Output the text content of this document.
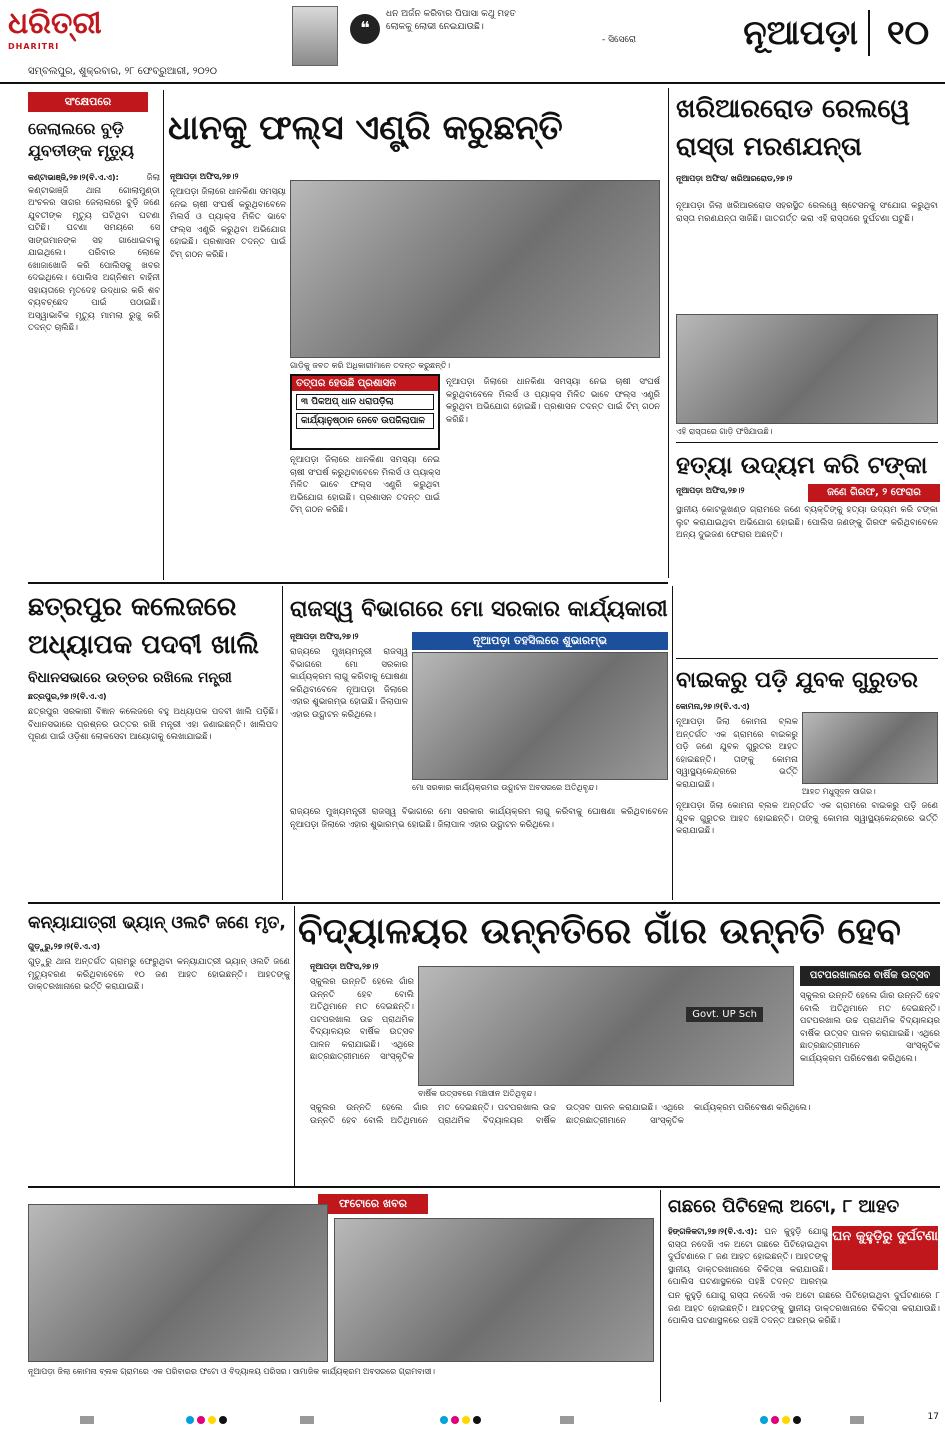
ଧରିତ୍ରୀ
DHARITRI
❝
ଧନ ଅର୍ଜନ କରିବାର ପିପାସା କଥୁ ମହତ
ଲୋକକୁ ଲୋଭୀ ନେଇଯାଉଛି।
- ସିସେରୋ	ନୂଆପଡ଼ା ୧୦
ସମ୍ବଲପୁର, ଶୁକ୍ରବାର, ୨୮ ଫେବ୍ରୁଆରୀ, ୨୦୨୦
ସଂକ୍ଷେପରେ
ଜେଲାଲରେ ବୁଡ଼ି ଯୁବତୀଙ୍କ ମୃତ୍ୟୁ
କଣ୍ଟାଭାଞ୍ଜି,୨୭।୨(ବି.ଏ.ଏ): ଜିଲା କଣ୍ଟାଭାଞ୍ଜି ଥାନା ଗୋଲାମୁଣ୍ଡା ଅଂଚଳର ସାଗର ଜେଲାଲରେ ବୁଡ଼ି ଜଣେ ଯୁବତୀଙ୍କ ମୃତ୍ୟୁ ଘଟିଥିବା ଘଟଣା ଘଟିଛି। ଘଟଣା ସମୟରେ ସେ ସାଙ୍ଗମାନଙ୍କ ସହ ଗାଧୋଇବାକୁ ଯାଇଥିଲେ। ପରିବାର ଲୋକେ ଖୋଜାଖୋଜି କରି ପୋଲିସକୁ ଖବର ଦେଇଥିଲେ। ପୋଲିସ ଅଗ୍ନିଶମ ବାହିନୀ ସହାୟତାରେ ମୃତଦେହ ଉଦ୍ଧାର କରି ଶବ ବ୍ୟବଚ୍ଛେଦ ପାଇଁ ପଠାଇଛି। ଅସ୍ୱାଭାବିକ ମୃତ୍ୟୁ ମାମଲା ରୁଜୁ କରି ତଦନ୍ତ ଚାଲିଛି।
ଧାନକୁ ଫଲ୍ସ ଏଣ୍ଟ୍ରି କରୁଛନ୍ତି
ନୂଆପଡ଼ା ଅଫିସ,୨୭।୨
ନୂଆପଡ଼ା ଜିଲାରେ ଧାନକିଣା ସମସ୍ୟା ନେଇ ଚାଷୀ ସଂଘର୍ଷ କରୁଥିବାବେଳେ ମିଲର୍ସ ଓ ପ୍ୟାକ୍ସ ମିଳିତ ଭାବେ ଫଲ୍ସ ଏଣ୍ଟ୍ରି କରୁଥିବା ଅଭିଯୋଗ ହୋଇଛି। ପ୍ରଶାସନ ତଦନ୍ତ ପାଇଁ ଟିମ୍ ଗଠନ କରିଛି।
ଗାଡ଼ିକୁ ଜବତ କରି ଅଧିକାରୀମାନେ ତଦନ୍ତ କରୁଛନ୍ତି।
ତତ୍ପର ହେଉଛି ପ୍ରଶାସନ
୩ ପିକଅପ୍ ଧାନ ଧରାପଡ଼ିଲା
କାର୍ଯ୍ୟାନୁଷ୍ଠାନ ନେବେ ଉପଜିଲାପାଳ
ନୂଆପଡ଼ା ଜିଲାରେ ଧାନକିଣା ସମସ୍ୟା ନେଇ ଚାଷୀ ସଂଘର୍ଷ କରୁଥିବାବେଳେ ମିଲର୍ସ ଓ ପ୍ୟାକ୍ସ ମିଳିତ ଭାବେ ଫଲ୍ସ ଏଣ୍ଟ୍ରି କରୁଥିବା ଅଭିଯୋଗ ହୋଇଛି। ପ୍ରଶାସନ ତଦନ୍ତ ପାଇଁ ଟିମ୍ ଗଠନ କରିଛି।
ନୂଆପଡ଼ା ଜିଲାରେ ଧାନକିଣା ସମସ୍ୟା ନେଇ ଚାଷୀ ସଂଘର୍ଷ କରୁଥିବାବେଳେ ମିଲର୍ସ ଓ ପ୍ୟାକ୍ସ ମିଳିତ ଭାବେ ଫଲ୍ସ ଏଣ୍ଟ୍ରି କରୁଥିବା ଅଭିଯୋଗ ହୋଇଛି। ପ୍ରଶାସନ ତଦନ୍ତ ପାଇଁ ଟିମ୍ ଗଠନ କରିଛି।
ଖରିଆରରୋଡ ରେଲୱେ ରାସ୍ତା ମରଣଯନ୍ତା
ନୂଆପଡ଼ା ଅଫିସ/ ଖରିଆରରୋଡ,୨୭।୨
ନୂଆପଡ଼ା ଜିଲା ଖରିଆରରୋଡ ସହରସ୍ଥିତ ରେଲୱେ ଷ୍ଟେସନକୁ ସଂଯୋଗ କରୁଥିବା ରାସ୍ତା ମରଣଯନ୍ତା ସାଜିଛି। ଗାତଗର୍ତ୍ତ ଭରା ଏହି ରାସ୍ତାରେ ଦୁର୍ଘଟଣା ଘଟୁଛି।
ଏହି ରାସ୍ତାରେ ଗାଡ଼ି ଫସିଯାଉଛି।
ହତ୍ୟା ଉଦ୍ୟମ କରି ଟଙ୍କା
ଜଣେ ଗିରଫ, ୨ ଫେରାର
ନୂଆପଡ଼ା ଅଫିସ,୨୭।୨
ସ୍ଥାନୀୟ କୋଟଭୂଖଣ୍ଡ ଗ୍ରାମରେ ଜଣେ ବ୍ୟକ୍ତିଙ୍କୁ ହତ୍ୟା ଉଦ୍ୟମ କରି ଟଙ୍କା ଲୁଟ କରାଯାଇଥିବା ଅଭିଯୋଗ ହୋଇଛି। ପୋଲିସ ଜଣଙ୍କୁ ଗିରଫ କରିଥିବାବେଳେ ଅନ୍ୟ ଦୁଇଜଣ ଫେରାର ଅଛନ୍ତି।
ଛତ୍ରପୁର କଲେଜରେ ଅଧ୍ୟାପକ ପଦବୀ ଖାଲି
ବିଧାନସଭାରେ ଉତ୍ତର ରଖିଲେ ମନ୍ତ୍ରୀ
ଛତ୍ରପୁର,୨୭।୨(ବି.ଏ.ଏ)
ଛତ୍ରପୁର ସରକାରୀ ବିଜ୍ଞାନ କଲେଜରେ ବହୁ ଅଧ୍ୟାପକ ପଦବୀ ଖାଲି ପଡ଼ିଛି। ବିଧାନସଭାରେ ପ୍ରଶ୍ନର ଉତ୍ତର ରଖି ମନ୍ତ୍ରୀ ଏହା ଜଣାଇଛନ୍ତି। ଖାଲିପଦ ପୂରଣ ପାଇଁ ଓଡ଼ିଶା ଲୋକସେବା ଆୟୋଗକୁ ଲେଖାଯାଇଛି।
ରାଜସ୍ୱ ବିଭାଗରେ ମୋ ସରକାର କାର୍ଯ୍ୟକାରୀ
ନୂଆପଡ଼ା ଅଫିସ,୨୭।୨
ରାଜ୍ୟରେ ମୁଖ୍ୟମନ୍ତ୍ରୀ ରାଜସ୍ୱ ବିଭାଗରେ ମୋ ସରକାର କାର୍ଯ୍ୟକ୍ରମ ଲାଗୁ କରିବାକୁ ଘୋଷଣା କରିଥିବାବେଳେ ନୂଆପଡ଼ା ଜିଲାରେ ଏହାର ଶୁଭାରମ୍ଭ ହୋଇଛି। ଜିଲାପାଳ ଏହାର ଉଦ୍ଘାଟନ କରିଥିଲେ।
ନୂଆପଡ଼ା ତହସିଲରେ ଶୁଭାରମ୍ଭ
ମୋ ସରକାର କାର୍ଯ୍ୟକ୍ରମର ଉଦ୍ଘାଟନ ଅବସରରେ ଅତିଥିବୃନ୍ଦ।
ରାଜ୍ୟରେ ମୁଖ୍ୟମନ୍ତ୍ରୀ ରାଜସ୍ୱ ବିଭାଗରେ ମୋ ସରକାର କାର୍ଯ୍ୟକ୍ରମ ଲାଗୁ କରିବାକୁ ଘୋଷଣା କରିଥିବାବେଳେ ନୂଆପଡ଼ା ଜିଲାରେ ଏହାର ଶୁଭାରମ୍ଭ ହୋଇଛି। ଜିଲାପାଳ ଏହାର ଉଦ୍ଘାଟନ କରିଥିଲେ।
ବାଇକରୁ ପଡ଼ି ଯୁବକ ଗୁରୁତର
କୋମନା,୨୭।୨(ବି.ଏ.ଏ)
ନୂଆପଡ଼ା ଜିଲା କୋମନା ବ୍ଲକ ଅନ୍ତର୍ଗତ ଏକ ଗ୍ରାମରେ ବାଇକରୁ ପଡ଼ି ଜଣେ ଯୁବକ ଗୁରୁତର ଆହତ ହୋଇଛନ୍ତି। ତାଙ୍କୁ କୋମନା ସ୍ୱାସ୍ଥ୍ୟକେନ୍ଦ୍ରରେ ଭର୍ତ୍ତି କରାଯାଇଛି।
ଆହତ ମଧୁସୂଦନ ସାଗର।
ନୂଆପଡ଼ା ଜିଲା କୋମନା ବ୍ଲକ ଅନ୍ତର୍ଗତ ଏକ ଗ୍ରାମରେ ବାଇକରୁ ପଡ଼ି ଜଣେ ଯୁବକ ଗୁରୁତର ଆହତ ହୋଇଛନ୍ତି। ତାଙ୍କୁ କୋମନା ସ୍ୱାସ୍ଥ୍ୟକେନ୍ଦ୍ରରେ ଭର୍ତ୍ତି କରାଯାଇଛି।
କନ୍ୟାଯାତ୍ରୀ ଭ୍ୟାନ୍ ଓଲଟି ଜଣେ ମୃତ,
ଗୁଡ଼ୁରୁ,୨୭।୨(ବି.ଏ.ଏ)
ଗୁଡ଼ୁରୁ ଥାନା ଅନ୍ତର୍ଗତ ଗ୍ରାମରୁ ଫେରୁଥିବା କନ୍ୟାଯାତ୍ରୀ ଭ୍ୟାନ୍ ଓଲଟି ଜଣେ ମୃତ୍ୟୁବରଣ କରିଥିବାବେଳେ ୧୦ ଜଣ ଆହତ ହୋଇଛନ୍ତି। ଆହତଙ୍କୁ ଡାକ୍ତରଖାନାରେ ଭର୍ତ୍ତି କରାଯାଇଛି।
ବିଦ୍ୟାଳୟର ଉନ୍ନତିରେ ଗାଁର ଉନ୍ନତି ହେବ
ନୂଆପଡ଼ା ଅଫିସ,୨୭।୨
ସ୍କୁଲର ଉନ୍ନତି ହେଲେ ଗାଁର ଉନ୍ନତି ହେବ ବୋଲି ଅତିଥିମାନେ ମତ ଦେଇଛନ୍ତି। ପଟପରଖାଲ ଉଚ୍ଚ ପ୍ରାଥମିକ ବିଦ୍ୟାଳୟର ବାର୍ଷିକ ଉତ୍ସବ ପାଳନ କରାଯାଇଛି। ଏଥିରେ ଛାତ୍ରଛାତ୍ରୀମାନେ ସାଂସ୍କୃତିକ
Govt. UP Sch
ବାର୍ଷିକ ଉତ୍ସବରେ ମଞ୍ଚାସୀନ ଅତିଥିବୃନ୍ଦ।
ପଟପରଖାଲରେ ବାର୍ଷିକ ଉତ୍ସବ
ସ୍କୁଲର ଉନ୍ନତି ହେଲେ ଗାଁର ଉନ୍ନତି ହେବ ବୋଲି ଅତିଥିମାନେ ମତ ଦେଇଛନ୍ତି। ପଟପରଖାଲ ଉଚ୍ଚ ପ୍ରାଥମିକ ବିଦ୍ୟାଳୟର ବାର୍ଷିକ ଉତ୍ସବ ପାଳନ କରାଯାଇଛି। ଏଥିରେ ଛାତ୍ରଛାତ୍ରୀମାନେ ସାଂସ୍କୃତିକ କାର୍ଯ୍ୟକ୍ରମ ପରିବେଷଣ କରିଥିଲେ।
ସ୍କୁଲର ଉନ୍ନତି ହେଲେ ଗାଁର ଉନ୍ନତି ହେବ ବୋଲି ଅତିଥିମାନେ ମତ ଦେଇଛନ୍ତି। ପଟପରଖାଲ ଉଚ୍ଚ ପ୍ରାଥମିକ ବିଦ୍ୟାଳୟର ବାର୍ଷିକ ଉତ୍ସବ ପାଳନ କରାଯାଇଛି। ଏଥିରେ ଛାତ୍ରଛାତ୍ରୀମାନେ ସାଂସ୍କୃତିକ କାର୍ଯ୍ୟକ୍ରମ ପରିବେଷଣ କରିଥିଲେ।
ଫଟୋରେ ଖବର
ନୂଆପଡ଼ା ଜିଲା କୋମନା ବ୍ଲକ ଗ୍ରାମରେ ଏକ ପରିବାରର ଫଟୋ ଓ ବିଦ୍ୟାଳୟ ପରିସର। ସାମାଜିକ କାର୍ଯ୍ୟକ୍ରମ ଅବସରରେ ଗ୍ରାମବାସୀ।
ଗଛରେ ପିଟିହେଲା ଅଟୋ, ୮ ଆହତ
ଘନ କୁହୁଡ଼ିରୁ ଦୁର୍ଘଟଣା
ହିଙ୍ଗଳିକଟା,୨୭।୨(ବି.ଏ.ଏ): ଘନ କୁହୁଡ଼ି ଯୋଗୁ ରାସ୍ତା ନଦେଖି ଏକ ଅଟୋ ଗଛରେ ପିଟିହୋଇଥିବା ଦୁର୍ଘଟଣାରେ ୮ ଜଣ ଆହତ ହୋଇଛନ୍ତି। ଆହତଙ୍କୁ ସ୍ଥାନୀୟ ଡାକ୍ତରଖାନାରେ ଚିକିତ୍ସା କରାଯାଉଛି। ପୋଲିସ ଘଟଣାସ୍ଥଳରେ ପହଞ୍ଚି ତଦନ୍ତ ଆରମ୍ଭ
ଘନ କୁହୁଡ଼ି ଯୋଗୁ ରାସ୍ତା ନଦେଖି ଏକ ଅଟୋ ଗଛରେ ପିଟିହୋଇଥିବା ଦୁର୍ଘଟଣାରେ ୮ ଜଣ ଆହତ ହୋଇଛନ୍ତି। ଆହତଙ୍କୁ ସ୍ଥାନୀୟ ଡାକ୍ତରଖାନାରେ ଚିକିତ୍ସା କରାଯାଉଛି। ପୋଲିସ ଘଟଣାସ୍ଥଳରେ ପହଞ୍ଚି ତଦନ୍ତ ଆରମ୍ଭ କରିଛି।
17
